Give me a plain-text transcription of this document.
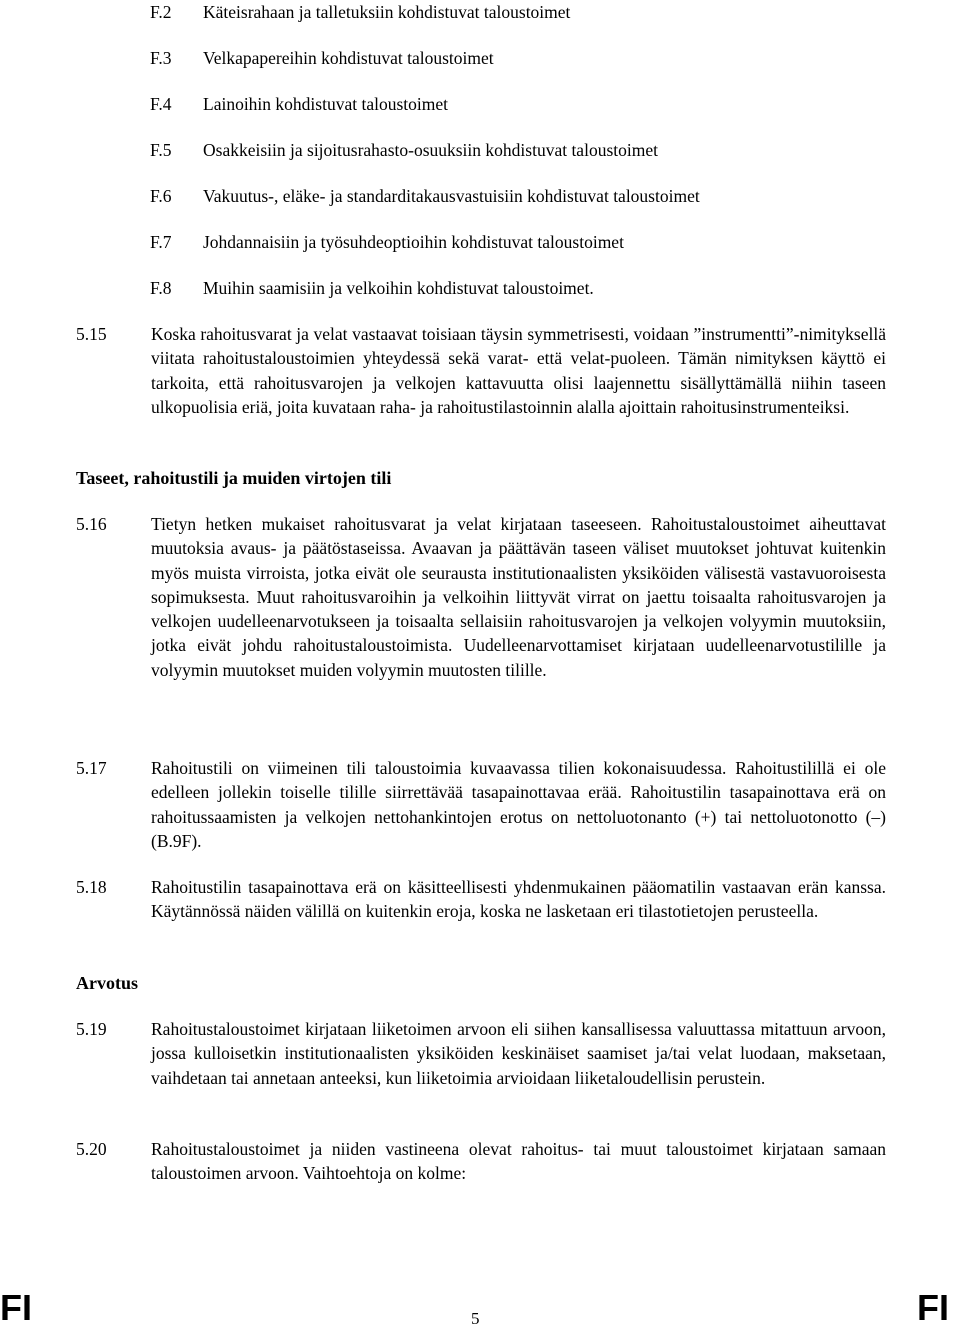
F.2 Käteisrahaan ja talletuksiin kohdistuvat taloustoimet
F.3 Velkapapereihin kohdistuvat taloustoimet
F.4 Lainoihin kohdistuvat taloustoimet
F.5 Osakkeisiin ja sijoitusrahasto-osuuksiin kohdistuvat taloustoimet
F.6 Vakuutus-, eläke- ja standarditakausvastuisiin kohdistuvat taloustoimet
F.7 Johdannaisiin ja työsuhdeoptioihin kohdistuvat taloustoimet
F.8 Muihin saamisiin ja velkoihin kohdistuvat taloustoimet.
5.15	Koska rahoitusvarat ja velat vastaavat toisiaan täysin symmetrisesti, voidaan ”instrumentti”-nimityksellä viitata rahoitustaloustoimien yhteydessä sekä varat- että velat-puoleen. Tämän nimityksen käyttö ei tarkoita, että rahoitusvarojen ja velkojen kattavuutta olisi laajennettu sisällyttämällä niihin taseen ulkopuolisia eriä, joita kuvataan raha- ja rahoitustilastoinnin alalla ajoittain rahoitusinstrumenteiksi.
Taseet, rahoitustili ja muiden virtojen tili
5.16	Tietyn hetken mukaiset rahoitusvarat ja velat kirjataan taseeseen. Rahoitustaloustoimet aiheuttavat muutoksia avaus- ja päätöstaseissa. Avaavan ja päättävän taseen väliset muutokset johtuvat kuitenkin myös muista virroista, jotka eivät ole seurausta institutionaalisten yksiköiden välisestä vastavuoroisesta sopimuksesta. Muut rahoitusvaroihin ja velkoihin liittyvät virrat on jaettu toisaalta rahoitusvarojen ja velkojen uudelleenarvotukseen ja toisaalta sellaisiin rahoitusvarojen ja velkojen volyymin muutoksiin, jotka eivät johdu rahoitustaloustoimista. Uudelleenarvottamiset kirjataan uudelleenarvotustilille ja volyymin muutokset muiden volyymin muutosten tilille.
5.17	Rahoitustili on viimeinen tili taloustoimia kuvaavassa tilien kokonaisuudessa. Rahoitustilillä ei ole edelleen jollekin toiselle tilille siirrettävää tasapainottavaa erää. Rahoitustilin tasapainottava erä on rahoitussaamisten ja velkojen nettohankintojen erotus on nettoluotonanto (+) tai nettoluotonotto (–) (B.9F).
5.18	Rahoitustilin tasapainottava erä on käsitteellisesti yhdenmukainen pääomatilin vastaavan erän kanssa. Käytännössä näiden välillä on kuitenkin eroja, koska ne lasketaan eri tilastotietojen perusteella.
Arvotus
5.19	Rahoitustaloustoimet kirjataan liiketoimen arvoon eli siihen kansallisessa valuuttassa mitattuun arvoon, jossa kulloisetkin institutionaalisten yksiköiden keskinäiset saamiset ja/tai velat luodaan, maksetaan, vaihdetaan tai annetaan anteeksi, kun liiketoimia arvioidaan liiketaloudellisin perustein.
5.20	Rahoitustaloustoimet ja niiden vastineena olevat rahoitus- tai muut taloustoimet kirjataan samaan taloustoimen arvoon. Vaihtoehtoja on kolme:
FI	5	FI
